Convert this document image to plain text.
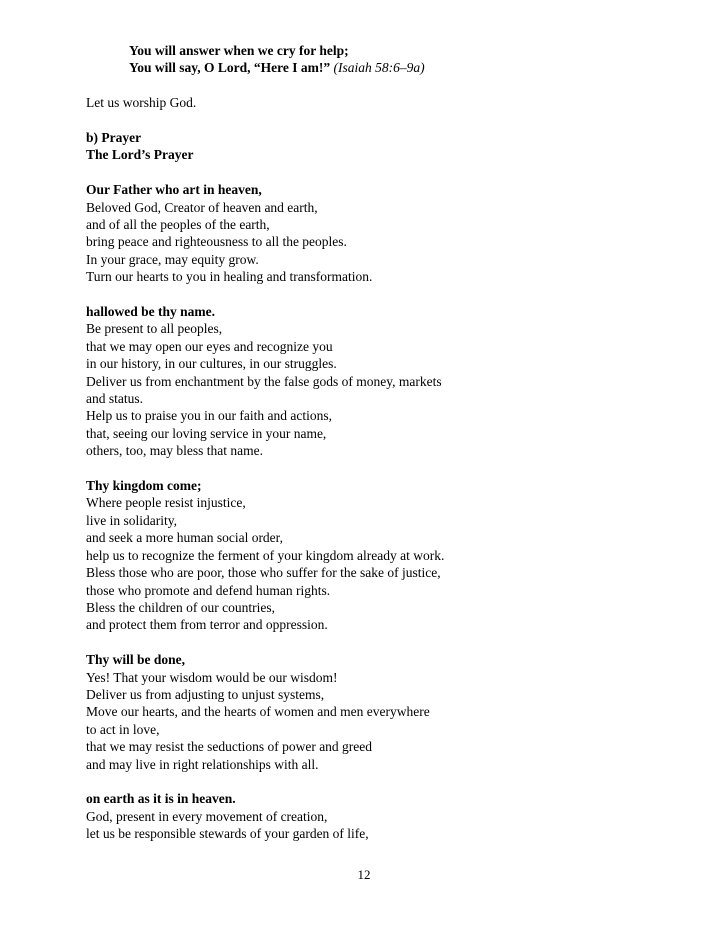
You will answer when we cry for help;
You will say, O Lord, “Here I am!” (Isaiah 58:6–9a)
Let us worship God.
b) Prayer
The Lord’s Prayer
Our Father who art in heaven,
Beloved God, Creator of heaven and earth,
and of all the peoples of the earth,
bring peace and righteousness to all the peoples.
In your grace, may equity grow.
Turn our hearts to you in healing and transformation.
hallowed be thy name.
Be present to all peoples,
that we may open our eyes and recognize you
in our history, in our cultures, in our struggles.
Deliver us from enchantment by the false gods of money, markets
and status.
Help us to praise you in our faith and actions,
that, seeing our loving service in your name,
others, too, may bless that name.
Thy kingdom come;
Where people resist injustice,
live in solidarity,
and seek a more human social order,
help us to recognize the ferment of your kingdom already at work.
Bless those who are poor, those who suffer for the sake of justice,
those who promote and defend human rights.
Bless the children of our countries,
and protect them from terror and oppression.
Thy will be done,
Yes! That your wisdom would be our wisdom!
Deliver us from adjusting to unjust systems,
Move our hearts, and the hearts of women and men everywhere
to act in love,
that we may resist the seductions of power and greed
and may live in right relationships with all.
on earth as it is in heaven.
God, present in every movement of creation,
let us be responsible stewards of your garden of life,
12
